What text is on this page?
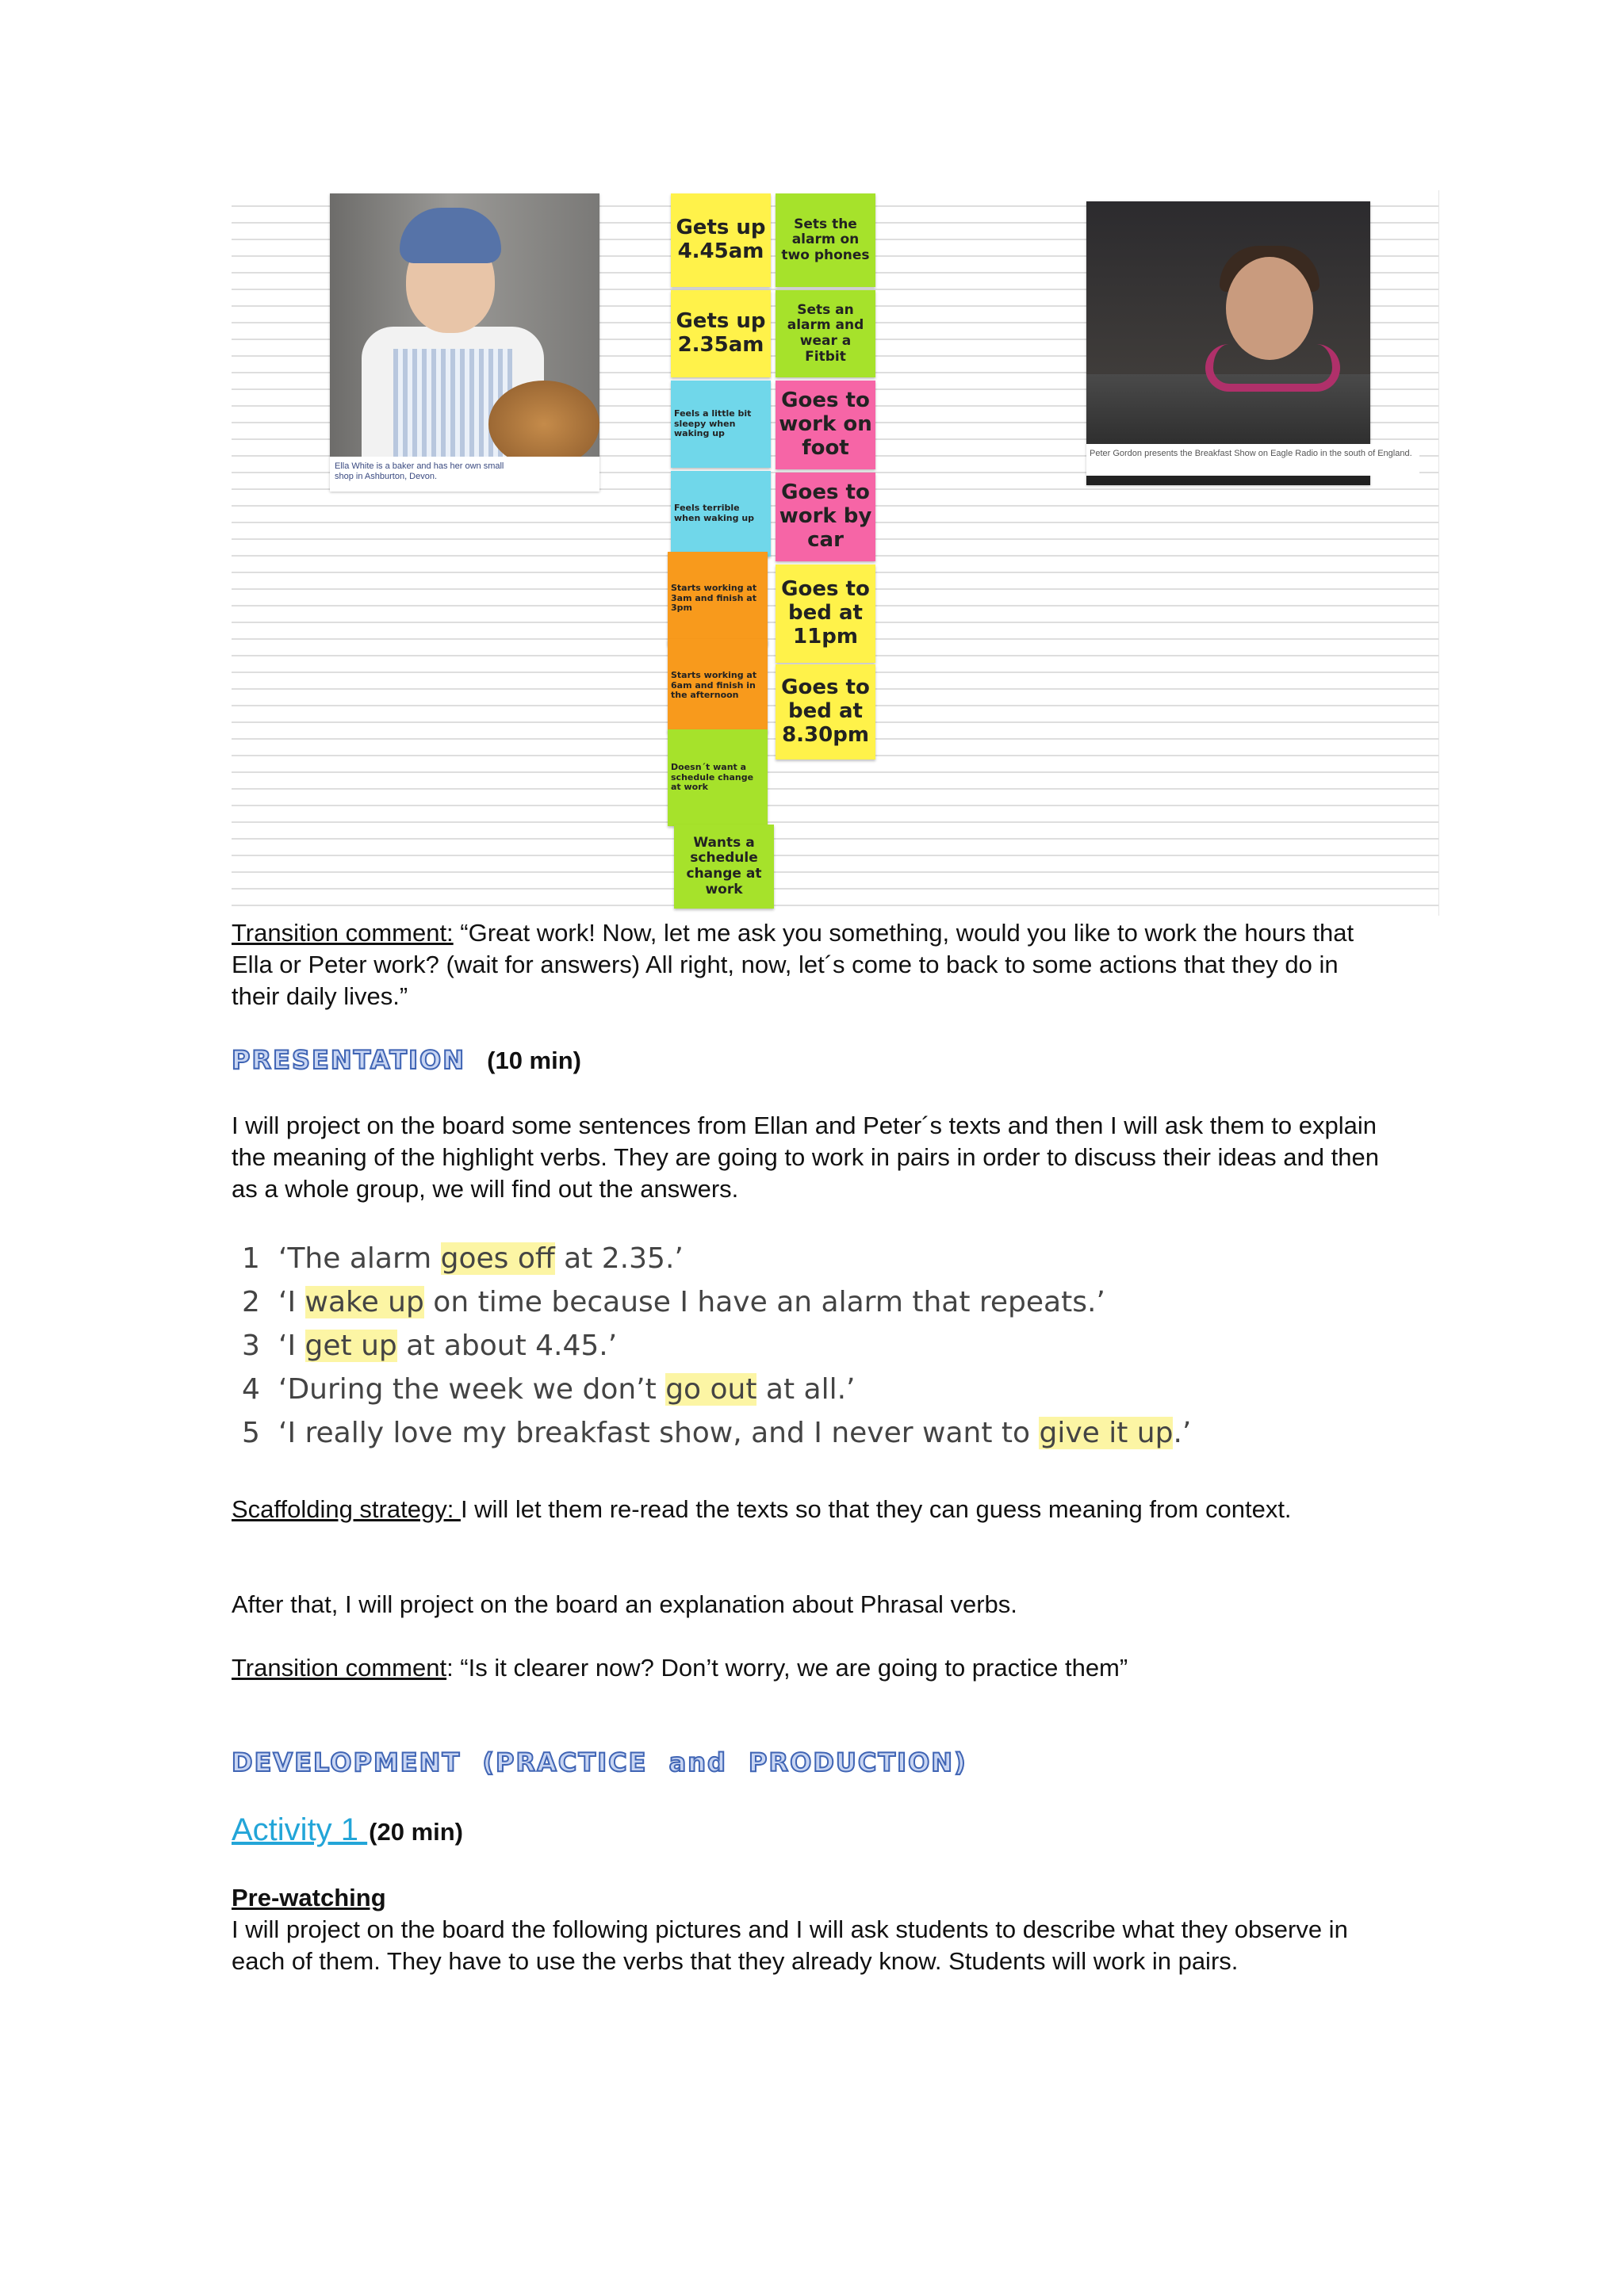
Ella White is a baker and has her own small shop in Ashburton, Devon.
Peter Gordon presents the Breakfast Show on Eagle Radio in the south of England.
Gets up 4.45am
Gets up 2.35am
Feels a little bit sleepy when waking up
Feels terrible when waking up
Starts working at 3am and finish at 3pm
Starts working at 6am and finish in the afternoon
Doesn´t want a schedule change at work
Wants a schedule change at work
Sets the alarm on two phones
Sets an alarm and wear a Fitbit
Goes to work on foot
Goes to work by car
Goes to bed at 11pm
Goes to bed at 8.30pm
Transition comment: “Great work! Now, let me ask you something, would you like to work the hours that Ella or Peter work? (wait for answers) All right, now, let´s come to back to some actions that they do in their daily lives.”
PRESENTATION (10 min)
I will project on the board some sentences from Ellan and Peter´s texts and then I will ask them to explain the meaning of the highlight verbs. They are going to work in pairs in order to discuss their ideas and then as a whole group, we will find out the answers.
1 ‘The alarm goes off at 2.35.’
2 ‘I wake up on time because I have an alarm that repeats.’
3 ‘I get up at about 4.45.’
4 ‘During the week we don’t go out at all.’
5 ‘I really love my breakfast show, and I never want to give it up.’
Scaffolding strategy: I will let them re-read the texts so that they can guess meaning from context.
After that, I will project on the board an explanation about Phrasal verbs.
Transition comment: “Is it clearer now? Don’t worry, we are going to practice them”
DEVELOPMENT (PRACTICE and PRODUCTION)
Activity 1 (20 min)
Pre-watching
I will project on the board the following pictures and I will ask students to describe what they observe in each of them. They have to use the verbs that they already know. Students will work in pairs.
